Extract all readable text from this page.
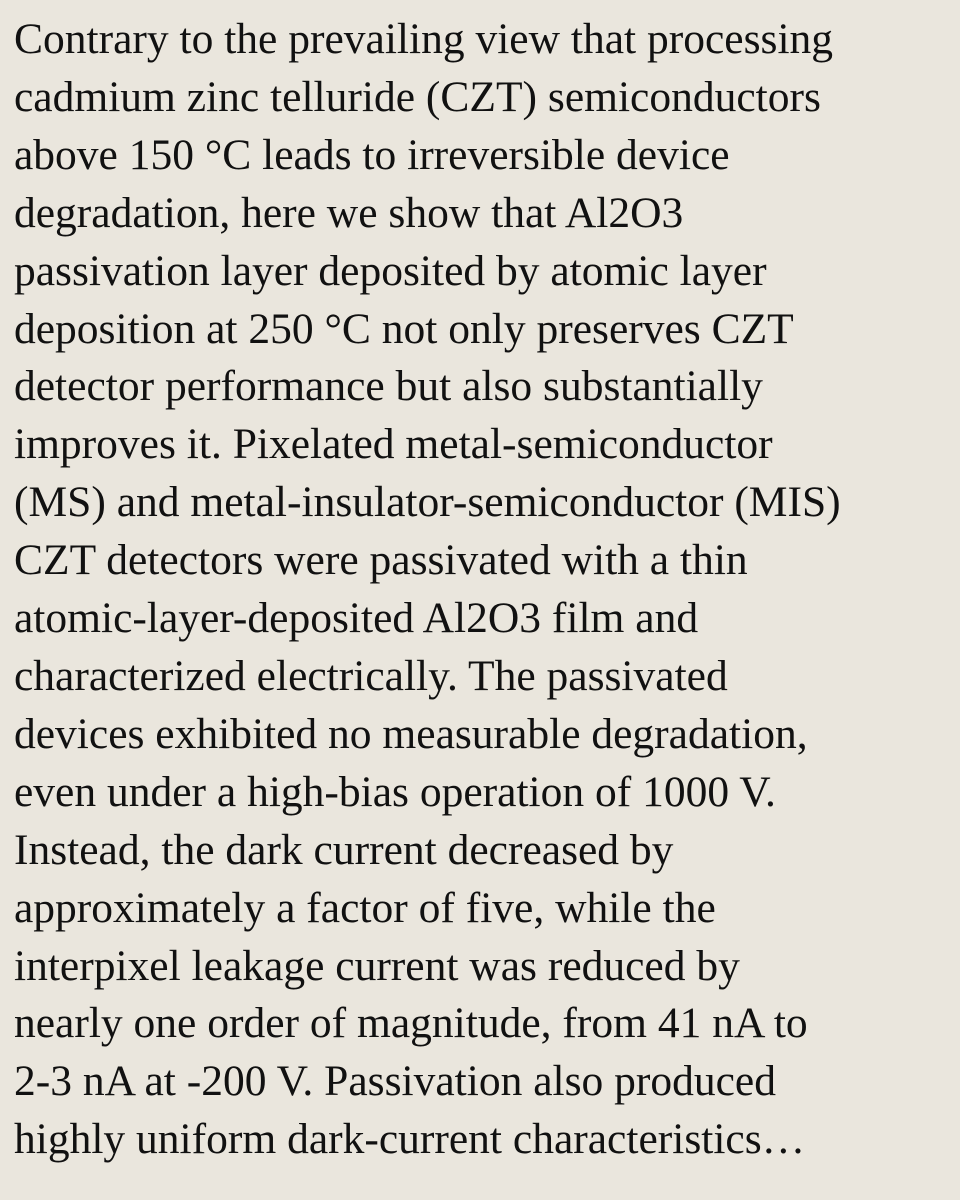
Contrary to the prevailing view that processing
cadmium zinc telluride (CZT) semiconductors
above 150 °C leads to irreversible device
degradation, here we show that Al2O3
passivation layer deposited by atomic layer
deposition at 250 °C not only preserves CZT
detector performance but also substantially
improves it. Pixelated metal-semiconductor
(MS) and metal-insulator-semiconductor (MIS)
CZT detectors were passivated with a thin
atomic-layer-deposited Al2O3 film and
characterized electrically. The passivated
devices exhibited no measurable degradation,
even under a high-bias operation of 1000 V.
Instead, the dark current decreased by
approximately a factor of five, while the
interpixel leakage current was reduced by
nearly one order of magnitude, from 41 nA to
2-3 nA at -200 V. Passivation also produced
highly uniform dark-current characteristics…
